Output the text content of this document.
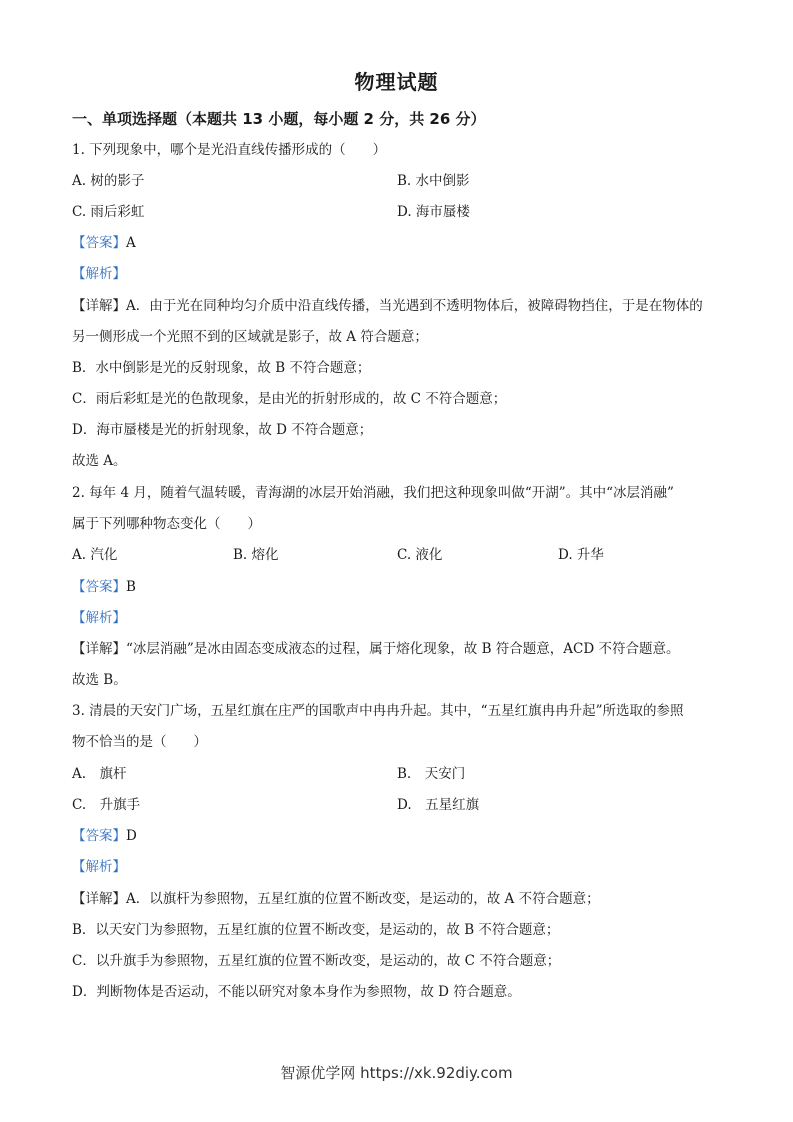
物理试题
一、单项选择题（本题共 13 小题，每小题 2 分，共 26 分）
1. 下列现象中，哪个是光沿直线传播形成的（　　）
A. 树的影子	B. 水中倒影
C. 雨后彩虹	D. 海市蜃楼
【答案】A
【解析】
【详解】A．由于光在同种均匀介质中沿直线传播，当光遇到不透明物体后，被障碍物挡住，于是在物体的
另一侧形成一个光照不到的区域就是影子，故 A 符合题意；
B．水中倒影是光的反射现象，故 B 不符合题意；
C．雨后彩虹是光的色散现象，是由光的折射形成的，故 C 不符合题意；
D．海市蜃楼是光的折射现象，故 D 不符合题意；
故选 A。
2. 每年 4 月，随着气温转暖，青海湖的冰层开始消融，我们把这种现象叫做“开湖”。其中“冰层消融”
属于下列哪种物态变化（　　）
A. 汽化	B. 熔化	C. 液化	D. 升华
【答案】B
【解析】
【详解】“冰层消融”是冰由固态变成液态的过程，属于熔化现象，故 B 符合题意，ACD 不符合题意。
故选 B。
3. 清晨的天安门广场，五星红旗在庄严的国歌声中冉冉升起。其中，“五星红旗冉冉升起”所选取的参照
物不恰当的是（　　）
A.　旗杆	B.　天安门
C.　升旗手	D.　五星红旗
【答案】D
【解析】
【详解】A．以旗杆为参照物，五星红旗的位置不断改变，是运动的，故 A 不符合题意；
B．以天安门为参照物，五星红旗的位置不断改变，是运动的，故 B 不符合题意；
C．以升旗手为参照物，五星红旗的位置不断改变，是运动的，故 C 不符合题意；
D．判断物体是否运动，不能以研究对象本身作为参照物，故 D 符合题意。
智源优学网 https://xk.92diy.com
